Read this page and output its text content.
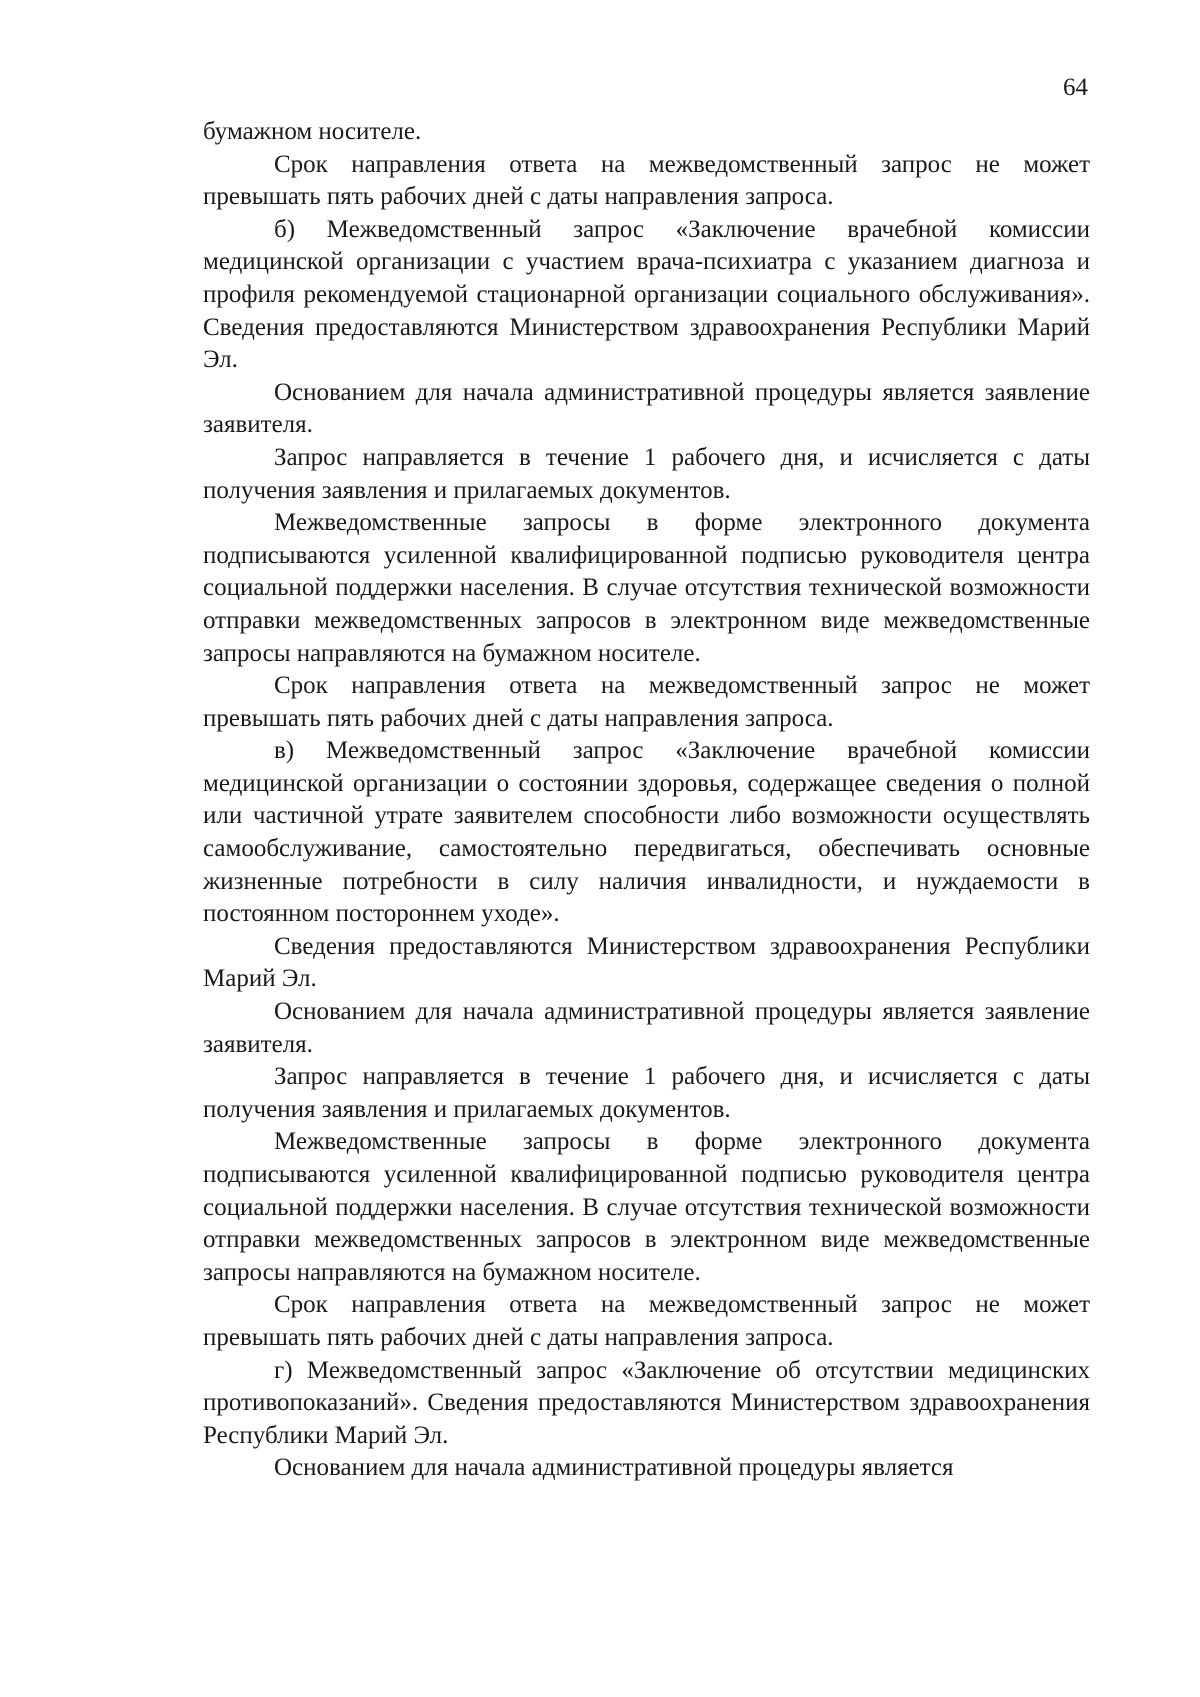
64

бумажном носителе.

Срок направления ответа на межведомственный запрос не может превышать пять рабочих дней с даты направления запроса.

б) Межведомственный запрос «Заключение врачебной комиссии медицинской организации с участием врача-психиатра с указанием диагноза и профиля рекомендуемой стационарной организации социального обслуживания». Сведения предоставляются Министерством здравоохранения Республики Марий Эл.

Основанием для начала административной процедуры является заявление заявителя.

Запрос направляется в течение 1 рабочего дня, и исчисляется с даты получения заявления и прилагаемых документов.

Межведомственные запросы в форме электронного документа подписываются усиленной квалифицированной подписью руководителя центра социальной поддержки населения. В случае отсутствия технической возможности отправки межведомственных запросов в электронном виде межведомственные запросы направляются на бумажном носителе.

Срок направления ответа на межведомственный запрос не может превышать пять рабочих дней с даты направления запроса.

в) Межведомственный запрос «Заключение врачебной комиссии медицинской организации о состоянии здоровья, содержащее сведения о полной или частичной утрате заявителем способности либо возможности осуществлять самообслуживание, самостоятельно передвигаться, обеспечивать основные жизненные потребности в силу наличия инвалидности, и нуждаемости в постоянном постороннем уходе».

Сведения предоставляются Министерством здравоохранения Республики Марий Эл.

Основанием для начала административной процедуры является заявление заявителя.

Запрос направляется в течение 1 рабочего дня, и исчисляется с даты получения заявления и прилагаемых документов.

Межведомственные запросы в форме электронного документа подписываются усиленной квалифицированной подписью руководителя центра социальной поддержки населения. В случае отсутствия технической возможности отправки межведомственных запросов в электронном виде межведомственные запросы направляются на бумажном носителе.

Срок направления ответа на межведомственный запрос не может превышать пять рабочих дней с даты направления запроса.

г) Межведомственный запрос «Заключение об отсутствии медицинских противопоказаний». Сведения предоставляются Министерством здравоохранения Республики Марий Эл.

Основанием для начала административной процедуры является
